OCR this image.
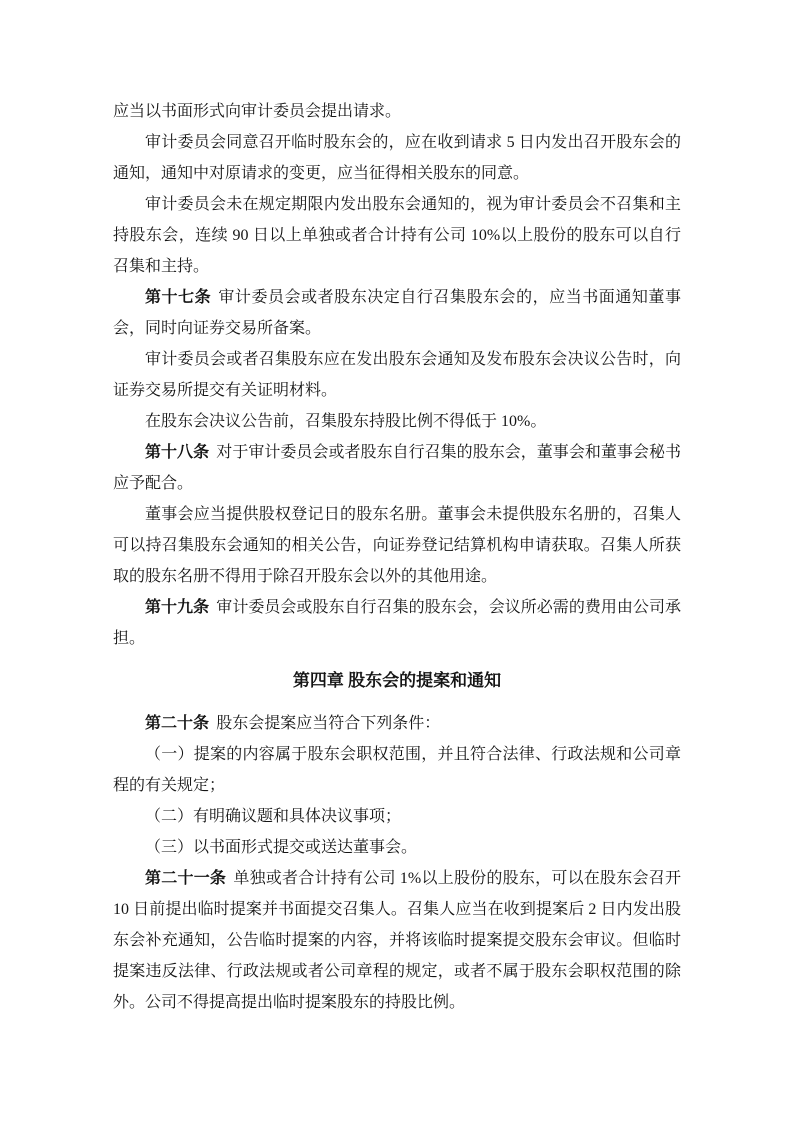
应当以书面形式向审计委员会提出请求。

审计委员会同意召开临时股东会的，应在收到请求 5 日内发出召开股东会的通知，通知中对原请求的变更，应当征得相关股东的同意。

审计委员会未在规定期限内发出股东会通知的，视为审计委员会不召集和主持股东会，连续 90 日以上单独或者合计持有公司 10%以上股份的股东可以自行召集和主持。

第十七条 审计委员会或者股东决定自行召集股东会的，应当书面通知董事会，同时向证券交易所备案。

审计委员会或者召集股东应在发出股东会通知及发布股东会决议公告时，向证券交易所提交有关证明材料。

在股东会决议公告前，召集股东持股比例不得低于 10%。

第十八条 对于审计委员会或者股东自行召集的股东会，董事会和董事会秘书应予配合。

董事会应当提供股权登记日的股东名册。董事会未提供股东名册的，召集人可以持召集股东会通知的相关公告，向证券登记结算机构申请获取。召集人所获取的股东名册不得用于除召开股东会以外的其他用途。

第十九条 审计委员会或股东自行召集的股东会，会议所必需的费用由公司承担。

第四章 股东会的提案和通知

第二十条 股东会提案应当符合下列条件：

（一）提案的内容属于股东会职权范围，并且符合法律、行政法规和公司章程的有关规定；

（二）有明确议题和具体决议事项；

（三）以书面形式提交或送达董事会。

第二十一条 单独或者合计持有公司 1%以上股份的股东，可以在股东会召开 10 日前提出临时提案并书面提交召集人。召集人应当在收到提案后 2 日内发出股东会补充通知，公告临时提案的内容，并将该临时提案提交股东会审议。但临时提案违反法律、行政法规或者公司章程的规定，或者不属于股东会职权范围的除外。公司不得提高提出临时提案股东的持股比例。
